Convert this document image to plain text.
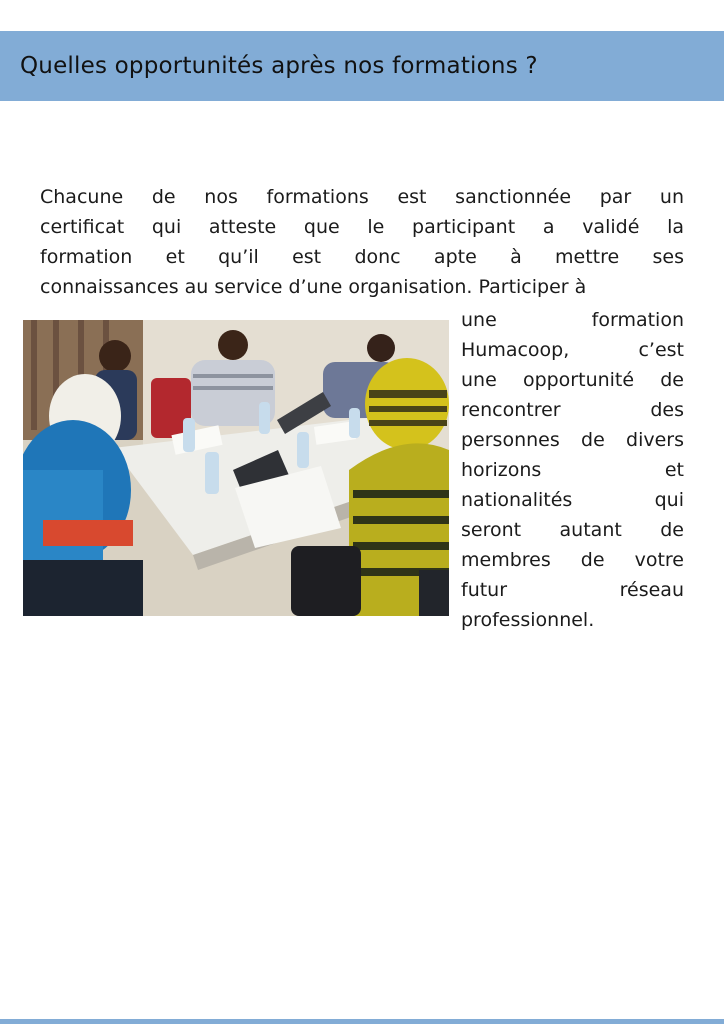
Quelles opportunités après nos formations ?
Chacune de nos formations est sanctionnée par un
certificat qui atteste que le participant a validé la
formation et qu’il est donc apte à mettre ses
connaissances au service d’une organisation. Participer à
une formation
Humacoop, c’est
une opportunité de
rencontrer des
personnes de divers
horizons et
nationalités qui
seront autant de
membres de votre
futur réseau
professionnel.
